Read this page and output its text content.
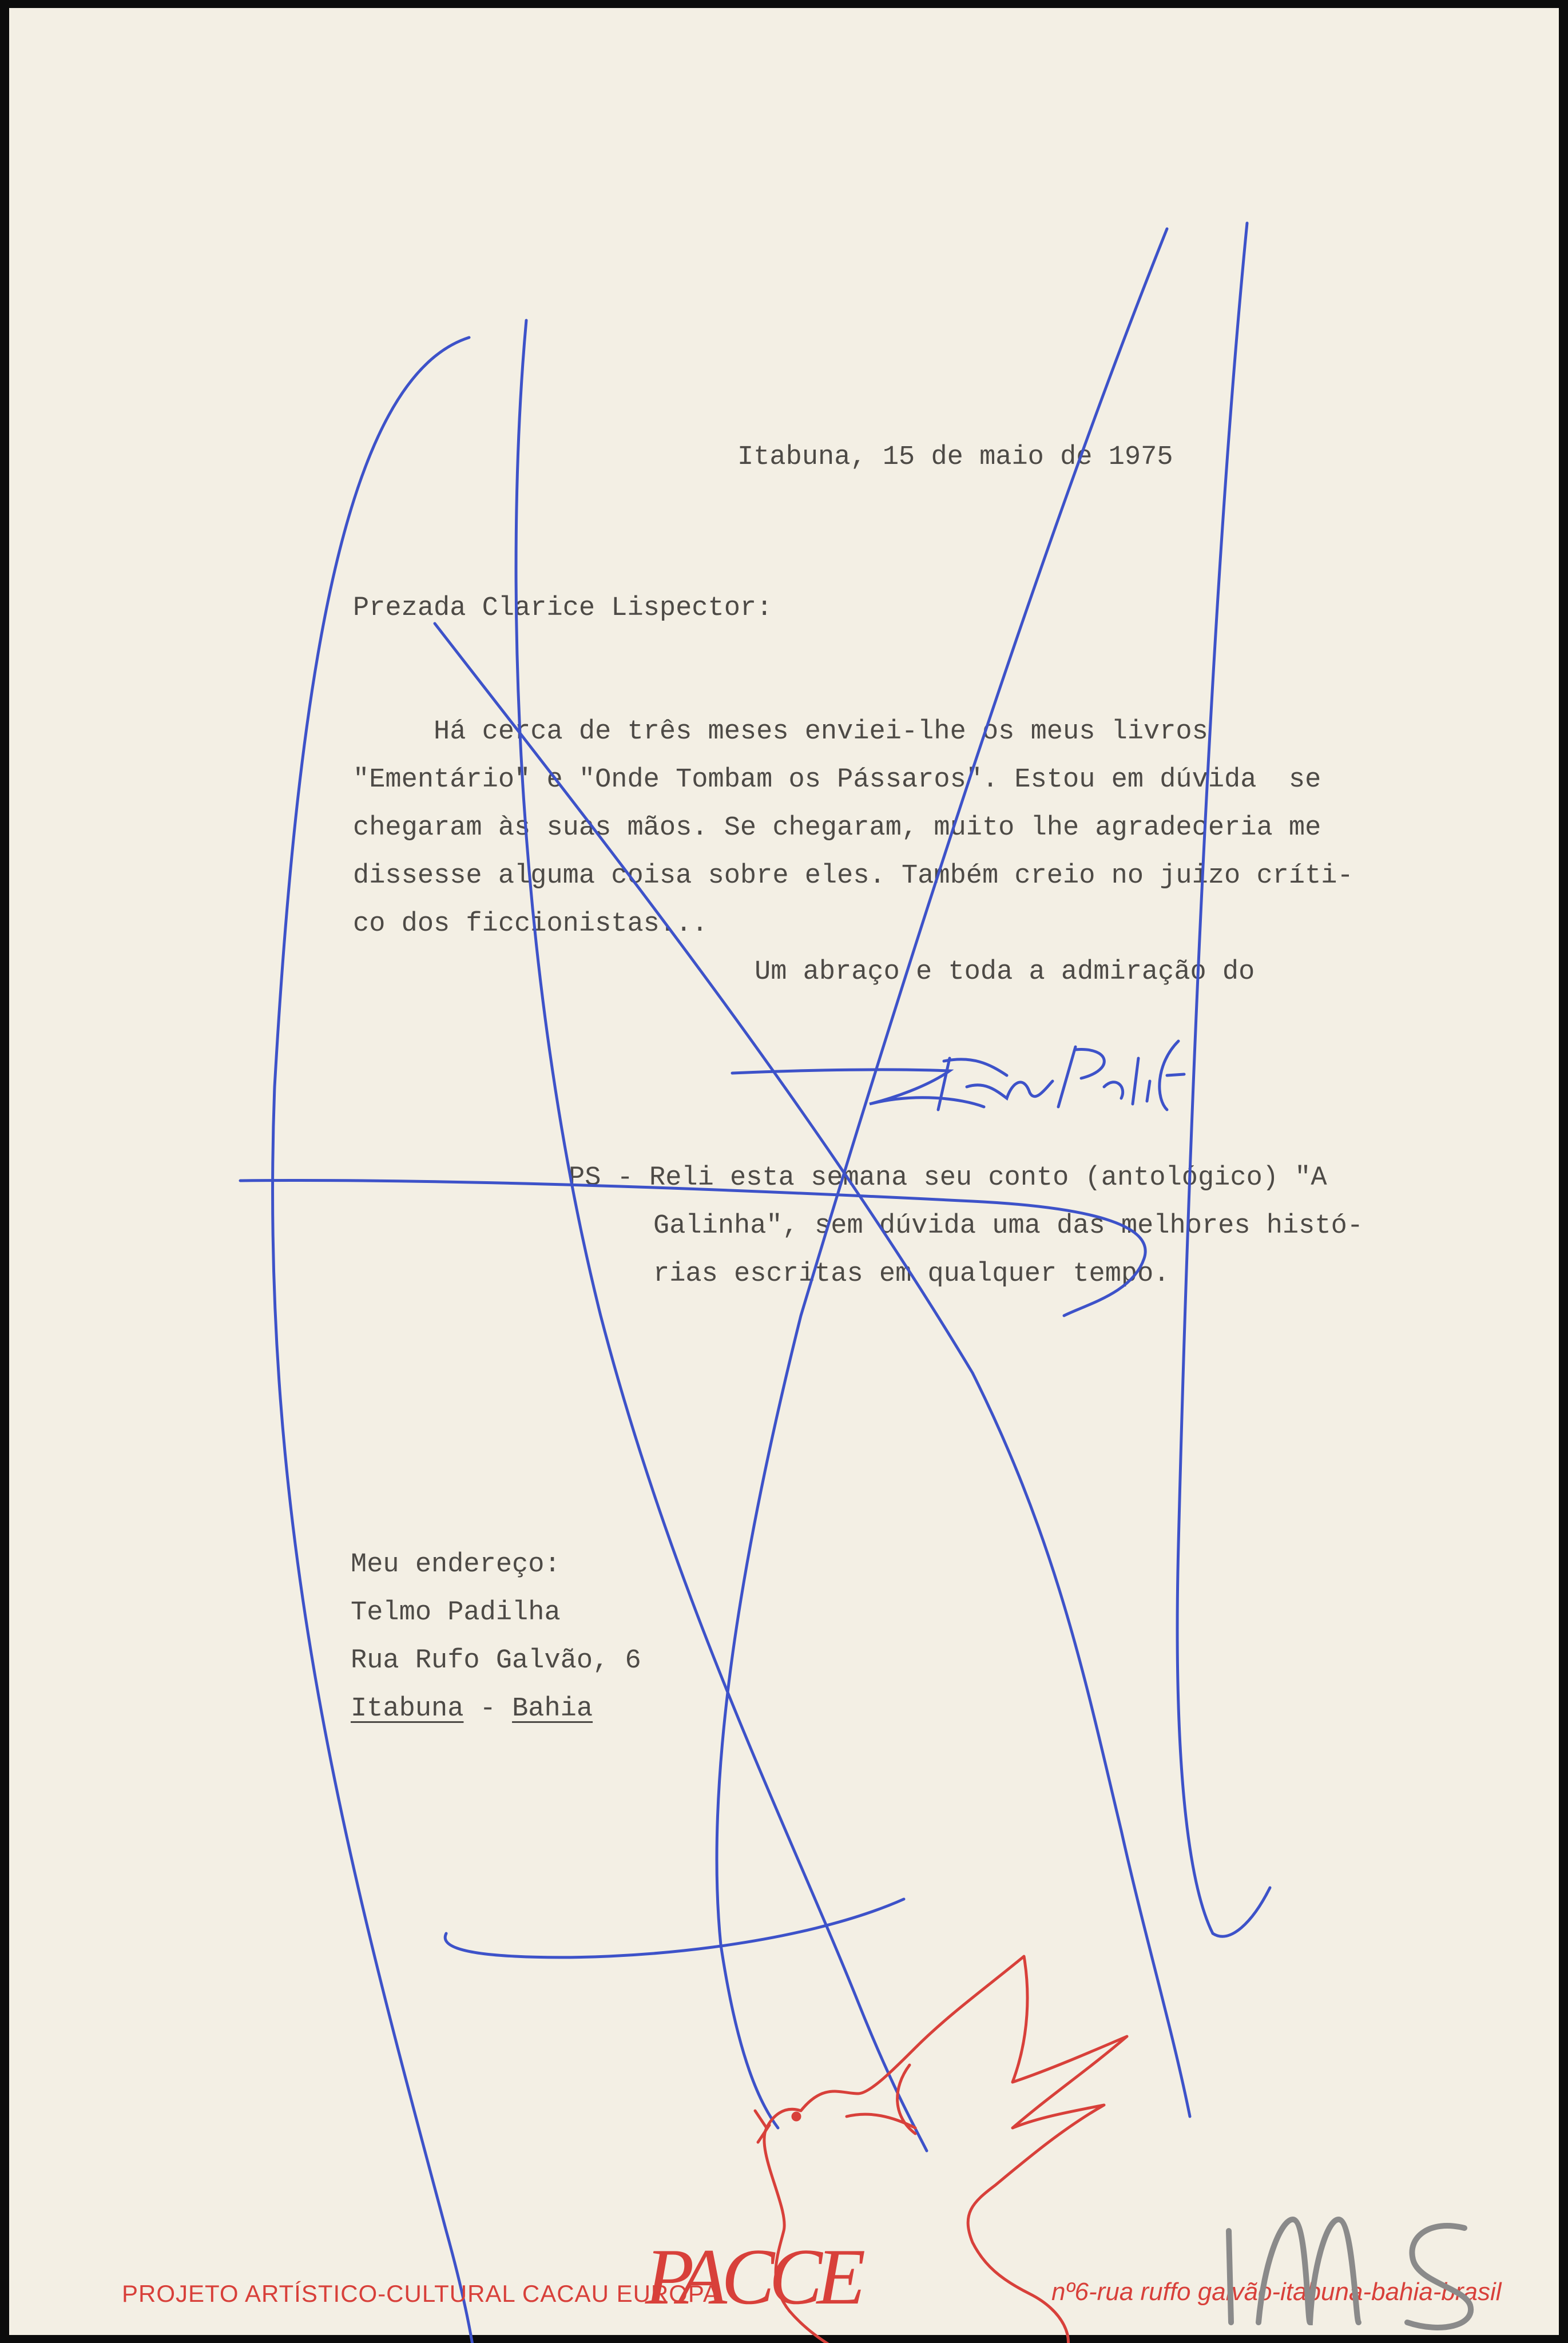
Itabuna, 15 de maio de 1975
Prezada Clarice Lispector:
Há cerca de três meses enviei-lhe os meus livros
"Ementário" e "Onde Tombam os Pássaros". Estou em dúvida  se
chegaram às suas mãos. Se chegaram, muito lhe agradeceria me
dissesse alguma coisa sobre eles. Também creio no juizo críti-
co dos ficcionistas...
Um abraço e toda a admiração do
PS - Reli esta semana seu conto (antológico) "A
Galinha", sem dúvida uma das melhores histó-
rias escritas em qualquer tempo.
Meu endereço:
Telmo Padilha
Rua Rufo Galvão, 6
Itabuna - Bahia
PROJETO ARTÍSTICO-CULTURAL CACAU EUROPA
PACCE	nº6-rua ruffo galvão-itabuna-bahia-brasil
